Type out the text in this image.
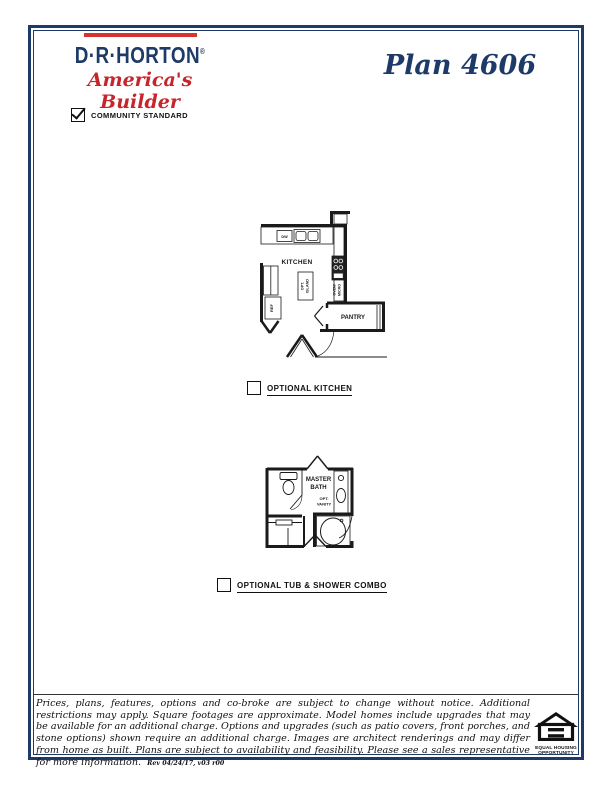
D·R·HORTON®
America's Builder
Plan 4606
COMMUNITY STANDARD
KITCHEN
DW
OPT. ISLAND	OVEN/ MICRO
PANTRY
REF
OPTIONAL KITCHEN
MASTER
BATH
OPT.
VANITY
OPTIONAL TUB & SHOWER COMBO

Prices, plans, features, options and co-broke are subject to change without notice. Additional restrictions may apply. Square footages are approximate. Model homes include upgrades that may be available for an additional charge. Options and upgrades (such as patio covers, front porches, and stone options) shown require an additional charge. Images are architect renderings and may differ from home as built. Plans are subject to availability and feasibility. Please see a sales representative for more information. Rev 04/24/17, v03 r00

EQUAL HOUSING
OPPORTUNITY
